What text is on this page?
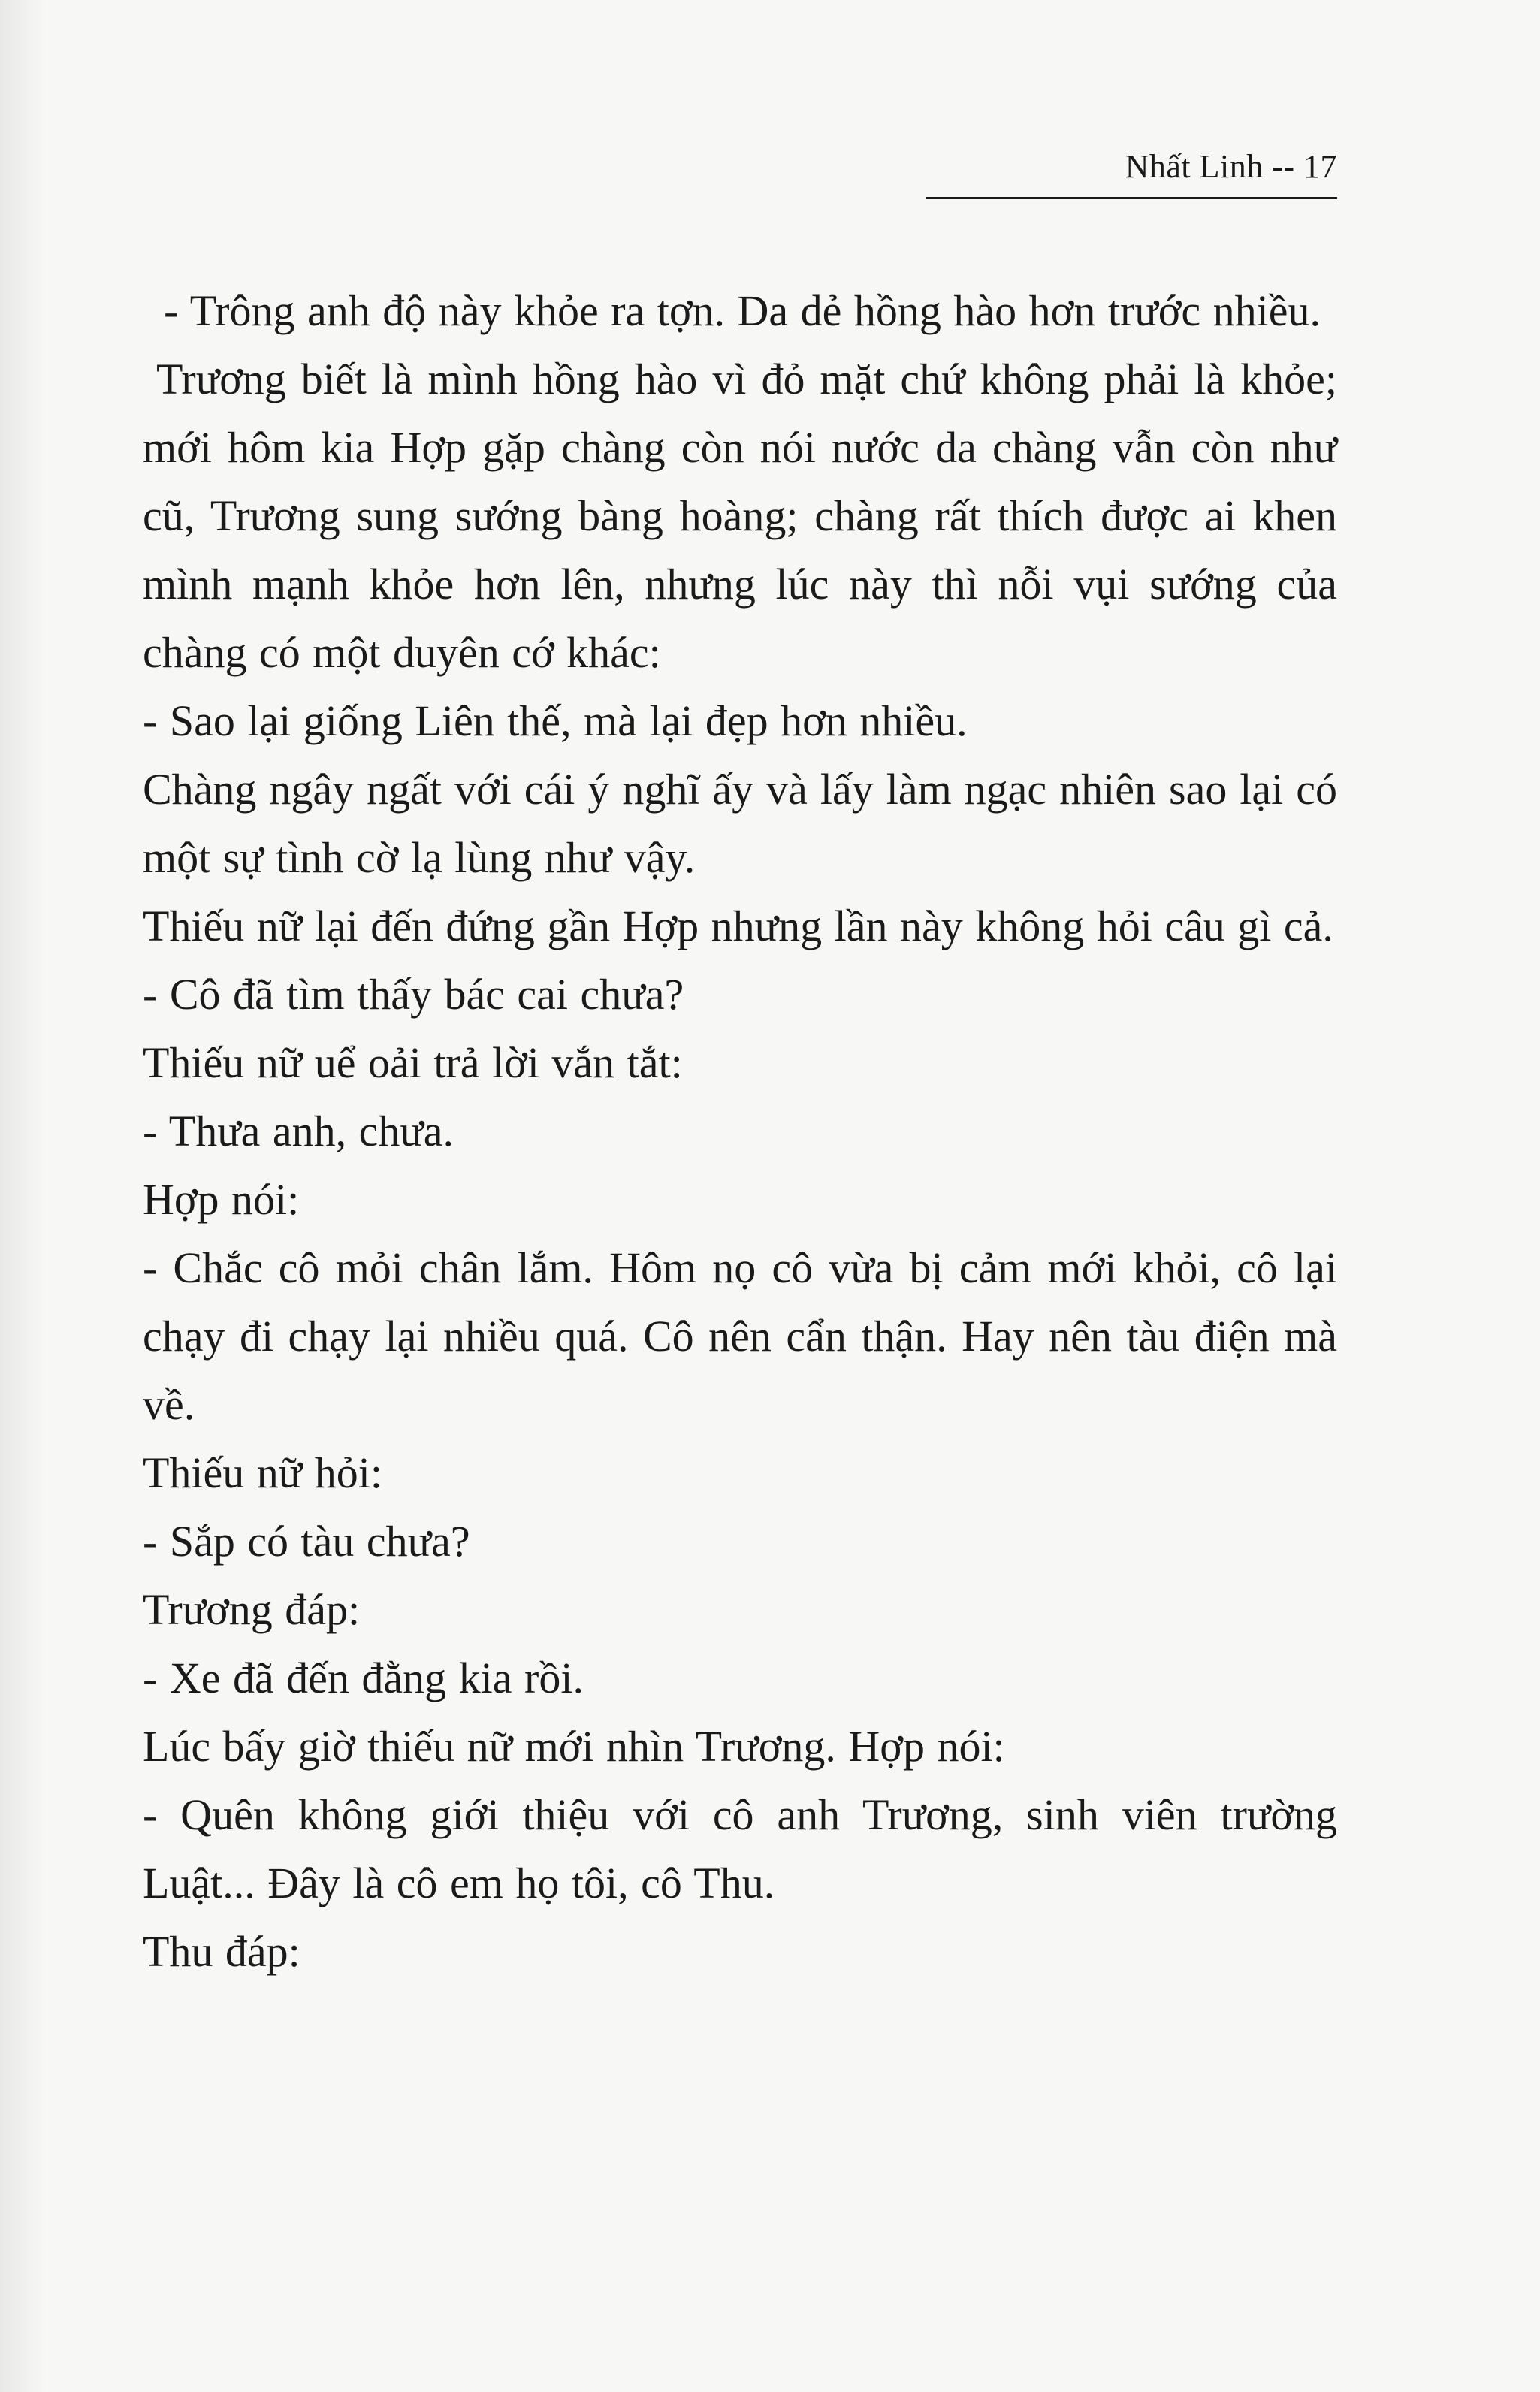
Nhất Linh -- 17

- Trông anh độ này khỏe ra tợn. Da dẻ hồng hào hơn trước nhiều.

Trương biết là mình hồng hào vì đỏ mặt chứ không phải là khỏe; mới hôm kia Hợp gặp chàng còn nói nước da chàng vẫn còn như cũ, Trương sung sướng bàng hoàng; chàng rất thích được ai khen mình mạnh khỏe hơn lên, nhưng lúc này thì nỗi vụi sướng của chàng có một duyên cớ khác:

- Sao lại giống Liên thế, mà lại đẹp hơn nhiều.

Chàng ngây ngất với cái ý nghĩ ấy và lấy làm ngạc nhiên sao lại có một sự tình cờ lạ lùng như vậy.

Thiếu nữ lại đến đứng gần Hợp nhưng lần này không hỏi câu gì cả.

- Cô đã tìm thấy bác cai chưa?

Thiếu nữ uể oải trả lời vắn tắt:

- Thưa anh, chưa.

Hợp nói:

- Chắc cô mỏi chân lắm. Hôm nọ cô vừa bị cảm mới khỏi, cô lại chạy đi chạy lại nhiều quá. Cô nên cẩn thận. Hay nên tàu điện mà về.

Thiếu nữ hỏi:

- Sắp có tàu chưa?

Trương đáp:

- Xe đã đến đằng kia rồi.

Lúc bấy giờ thiếu nữ mới nhìn Trương. Hợp nói:

- Quên không giới thiệu với cô anh Trương, sinh viên trường Luật... Đây là cô em họ tôi, cô Thu.

Thu đáp:
